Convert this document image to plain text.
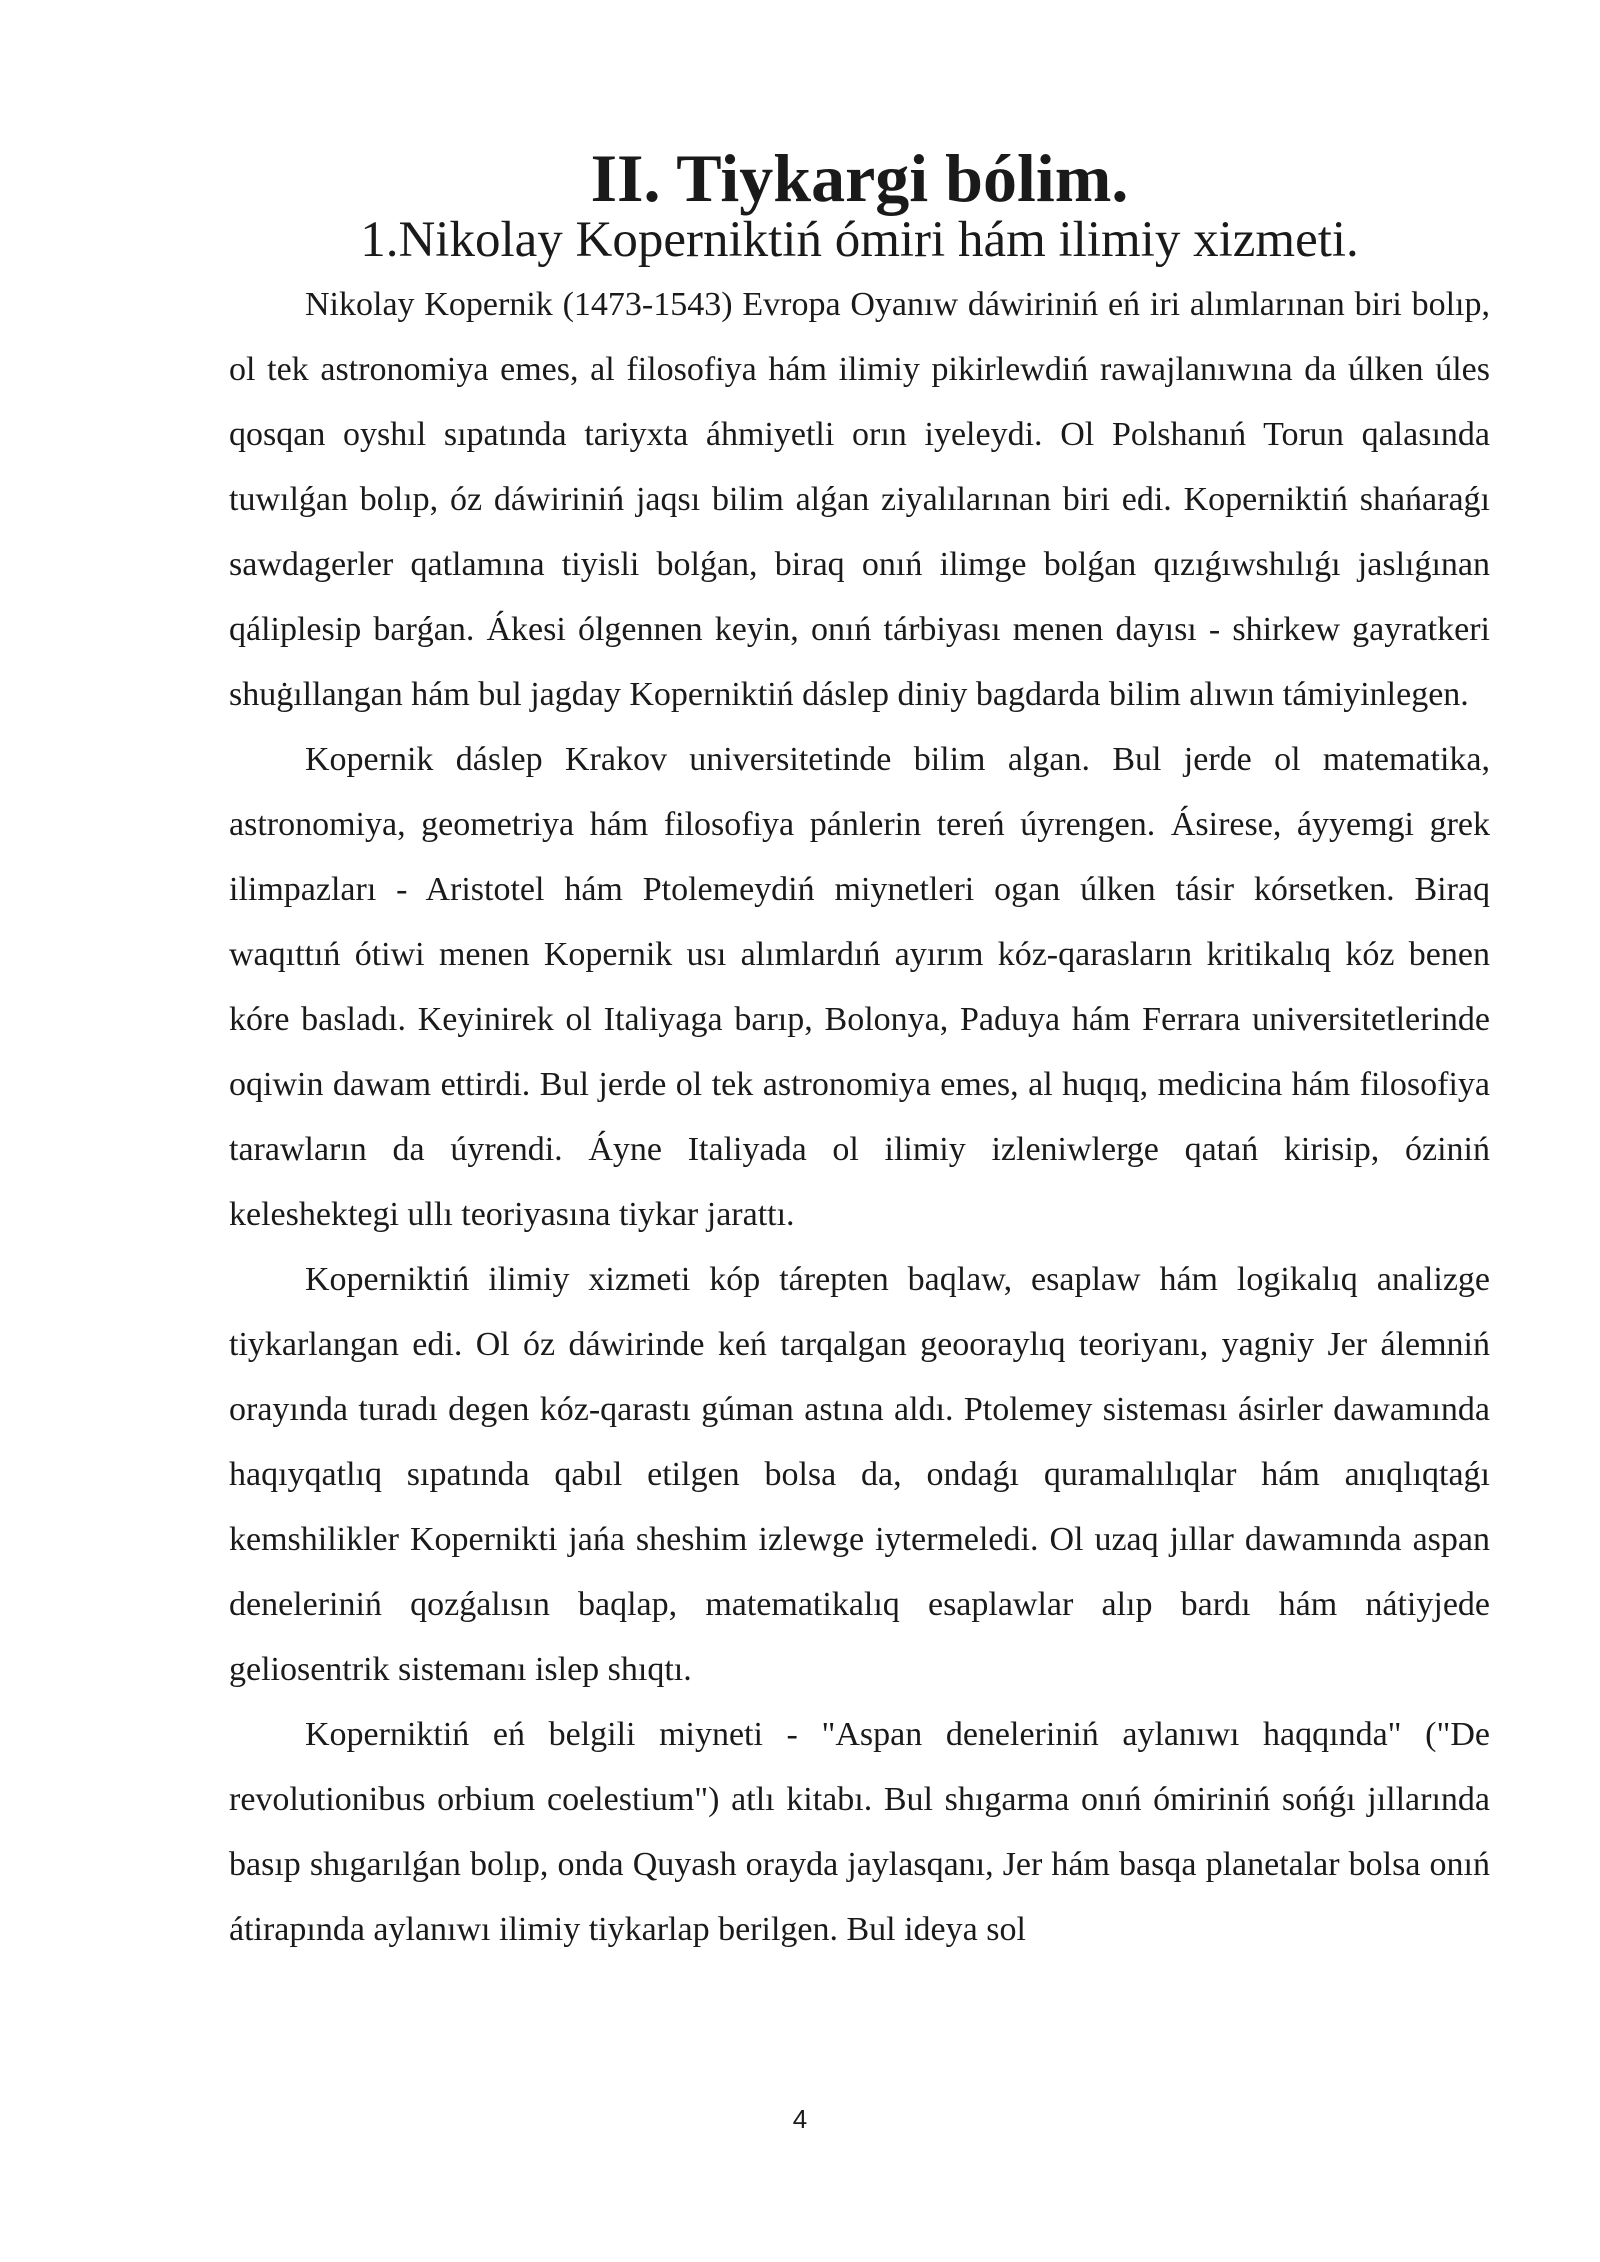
II. Tiykargi bólim.
1.Nikolay Koperniktiń ómiri hám ilimiy xizmeti.

Nikolay Kopernik (1473-1543) Evropa Oyanıw dáwiriniń eń iri alımlarınan biri bolıp, ol tek astronomiya emes, al filosofiya hám ilimiy pikirlewdiń rawajlanıwına da úlken úles qosqan oyshıl sıpatında tariyxta áhmiyetli orın iyeleydi. Ol Polshanıń Torun qalasında tuwılǵan bolıp, óz dáwiriniń jaqsı bilim alǵan ziyalılarınan biri edi. Koperniktiń shańaraǵı sawdagerler qatlamına tiyisli bolǵan, biraq onıń ilimge bolǵan qızıǵıwshılıǵı jaslıǵınan qáliplesip barǵan. Ákesi ólgennen keyin, onıń tárbiyası menen dayısı - shirkew gayratkeri shuġıllangan hám bul jagday Koperniktiń dáslep diniy bagdarda bilim alıwın támiyinlegen.

Kopernik dáslep Krakov universitetinde bilim algan. Bul jerde ol matematika, astronomiya, geometriya hám filosofiya pánlerin tereń úyrengen. Ásirese, áyyemgi grek ilimpazları - Aristotel hám Ptolemeydiń miynetleri ogan úlken tásir kórsetken. Biraq waqıttıń ótiwi menen Kopernik usı alımlardıń ayırım kóz-qarasların kritikalıq kóz benen kóre basladı. Keyinirek ol Italiyaga barıp, Bolonya, Paduya hám Ferrara universitetlerinde oqiwin dawam ettirdi. Bul jerde ol tek astronomiya emes, al huqıq, medicina hám filosofiya tarawların da úyrendi. Áyne Italiyada ol ilimiy izleniwlerge qatań kirisip, óziniń keleshektegi ullı teoriyasına tiykar jarattı.

Koperniktiń ilimiy xizmeti kóp tárepten baqlaw, esaplaw hám logikalıq analizge tiykarlangan edi. Ol óz dáwirinde keń tarqalgan geooraylıq teoriyanı, yagniy Jer álemniń orayında turadı degen kóz-qarastı gúman astına aldı. Ptolemey sisteması ásirler dawamında haqıyqatlıq sıpatında qabıl etilgen bolsa da, ondaǵı quramalılıqlar hám anıqlıqtaǵı kemshilikler Kopernikti jańa sheshim izlewge iytermeledi. Ol uzaq jıllar dawamında aspan deneleriniń qozǵalısın baqlap, matematikalıq esaplawlar alıp bardı hám nátiyjede geliosentrik sistemanı islep shıqtı.

Koperniktiń eń belgili miyneti - "Aspan deneleriniń aylanıwı haqqında" ("De revolutionibus orbium coelestium") atlı kitabı. Bul shıgarma onıń ómiriniń sońǵı jıllarında basıp shıgarılǵan bolıp, onda Quyash orayda jaylasqanı, Jer hám basqa planetalar bolsa onıń átirapında aylanıwı ilimiy tiykarlap berilgen. Bul ideya sol

4
